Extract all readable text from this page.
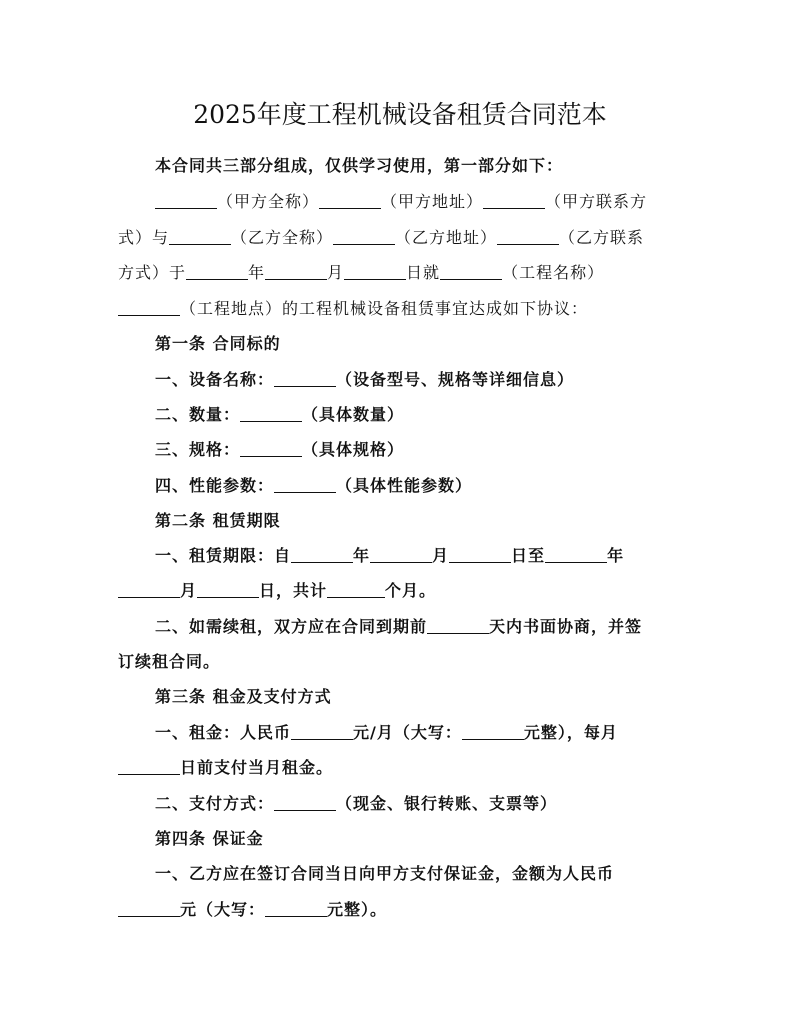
2025年度工程机械设备租赁合同范本
本合同共三部分组成，仅供学习使用，第一部分如下：
（甲方全称）	（甲方地址）	（甲方联系方
式）与	（乙方全称）	（乙方地址）	（乙方联系
方式）于	年	月	日就	（工程名称）
（工程地点）的工程机械设备租赁事宜达成如下协议：
第一条 合同标的
一、设备名称：	（设备型号、规格等详细信息）
二、数量：	（具体数量）
三、规格：	（具体规格）
四、性能参数：	（具体性能参数）
第二条 租赁期限
一、租赁期限：自	年	月	日至	年
月	日，共计	个月。
二、如需续租，双方应在合同到期前	天内书面协商，并签
订续租合同。
第三条 租金及支付方式
一、租金：人民币	元/月（大写：	元整），每月
日前支付当月租金。
二、支付方式：	（现金、银行转账、支票等）
第四条 保证金
一、乙方应在签订合同当日向甲方支付保证金，金额为人民币
元（大写：	元整）。
